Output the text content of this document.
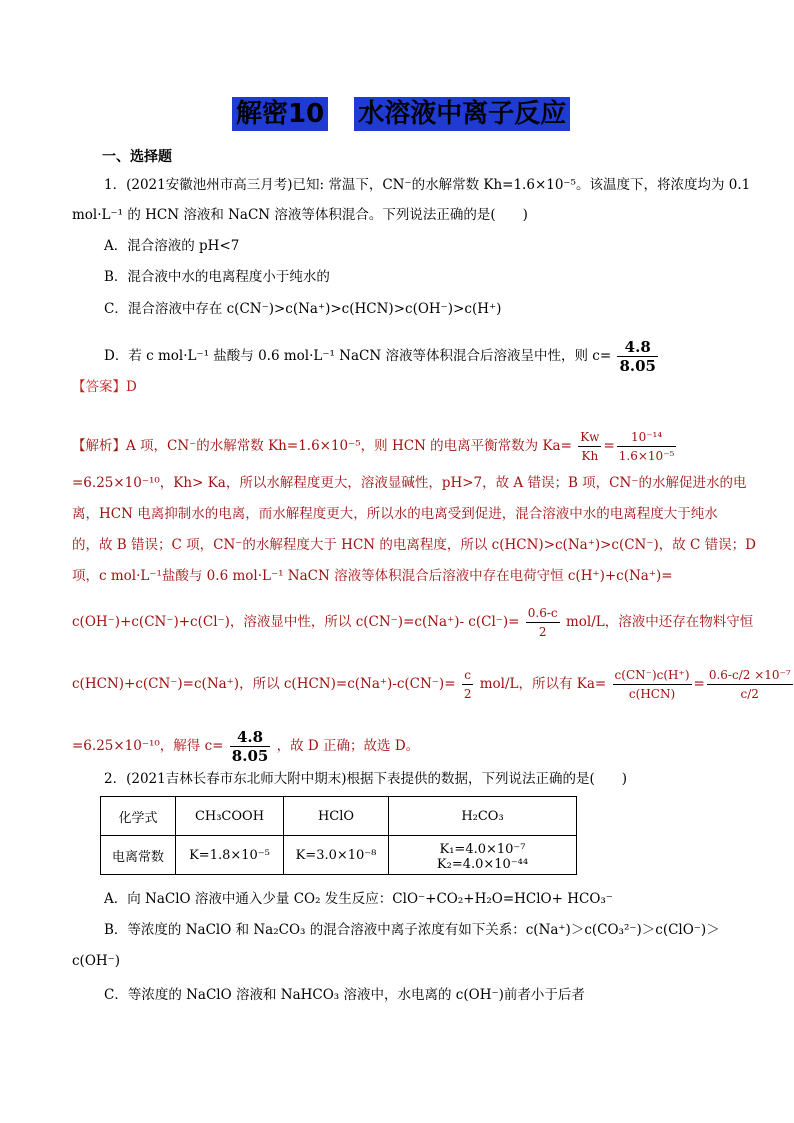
解密10 水溶液中离子反应
一、选择题
1．(2021安徽池州市高三月考)已知: 常温下，CN⁻的水解常数 Kh=1.6×10⁻⁵。该温度下，将浓度均为 0.1
mol·L⁻¹ 的 HCN 溶液和 NaCN 溶液等体积混合。下列说法正确的是(　　)
A．混合溶液的 pH<7
B．混合液中水的电离程度小于纯水的
C．混合溶液中存在 c(CN⁻)>c(Na⁺)>c(HCN)>c(OH⁻)>c(H⁺)
D．若 c mol·L⁻¹ 盐酸与 0.6 mol·L⁻¹ NaCN 溶液等体积混合后溶液呈中性，则 $c= \frac{4.8}{8.05}$
【答案】D
【解析】A 项，CN⁻的水解常数 Kh=1.6×10⁻⁵，则 HCN 的电离平衡常数为 $Ka= \frac{Kw}{Kh} = \frac{\text{10⁻¹⁴}}{\text{1.6×10⁻⁵}}$
=6.25×10⁻¹⁰，Kh> Ka，所以水解程度更大，溶液显碱性，pH>7，故 A 错误；B 项，CN⁻的水解促进水的电
离，HCN 电离抑制水的电离，而水解程度更大，所以水的电离受到促进，混合溶液中水的电离程度大于纯水
的，故 B 错误；C 项，CN⁻的水解程度大于 HCN 的电离程度，所以 c(HCN)>c(Na⁺)>c(CN⁻)，故 C 错误；D
项，c mol·L⁻¹盐酸与 0.6 mol·L⁻¹ NaCN 溶液等体积混合后溶液中存在电荷守恒 c(H⁺)+c(Na⁺)=
c(OH⁻)+c(CN⁻)+c(Cl⁻)，溶液显中性，所以 c(CN⁻)=c(Na⁺)- $c(Cl^-)= \frac{0.6-c}{2} mol/L$，溶液中还存在物料守恒
c(HCN)+c(CN⁻)=c(Na⁺)，所以 $c(HCN)=c(Na^+)-c(CN^-)= \frac{c}{2} mol/L$，所以有 $Ka= \frac{c(CN^-)c(H^+)}{\text{c(HCN)}} = \frac{\text{0.6-c/2 ×10⁻⁷}}{c/2}$
=6.25×10⁻¹⁰，解得 $c= \frac{4.8}{8.05}$ ，故 D 正确；故选 D。
2．(2021吉林长春市东北师大附中期末)根据下表提供的数据，下列说法正确的是(　　)
化学式	CH₃COOH	HClO	H₂CO₃
电离常数	K=1.8×10⁻⁵	K=3.0×10⁻⁸	K₁=4.0×10⁻⁷　K₂=4.0×10⁻⁴⁴
A．向 NaClO 溶液中通入少量 CO₂ 发生反应：ClO⁻+CO₂+H₂O=HClO+ HCO₃⁻
B．等浓度的 NaClO 和 Na₂CO₃ 的混合溶液中离子浓度有如下关系：c(Na⁺)＞c(CO₃²⁻)＞c(ClO⁻)＞
c(OH⁻)
C．等浓度的 NaClO 溶液和 NaHCO₃ 溶液中，水电离的 c(OH⁻)前者小于后者
